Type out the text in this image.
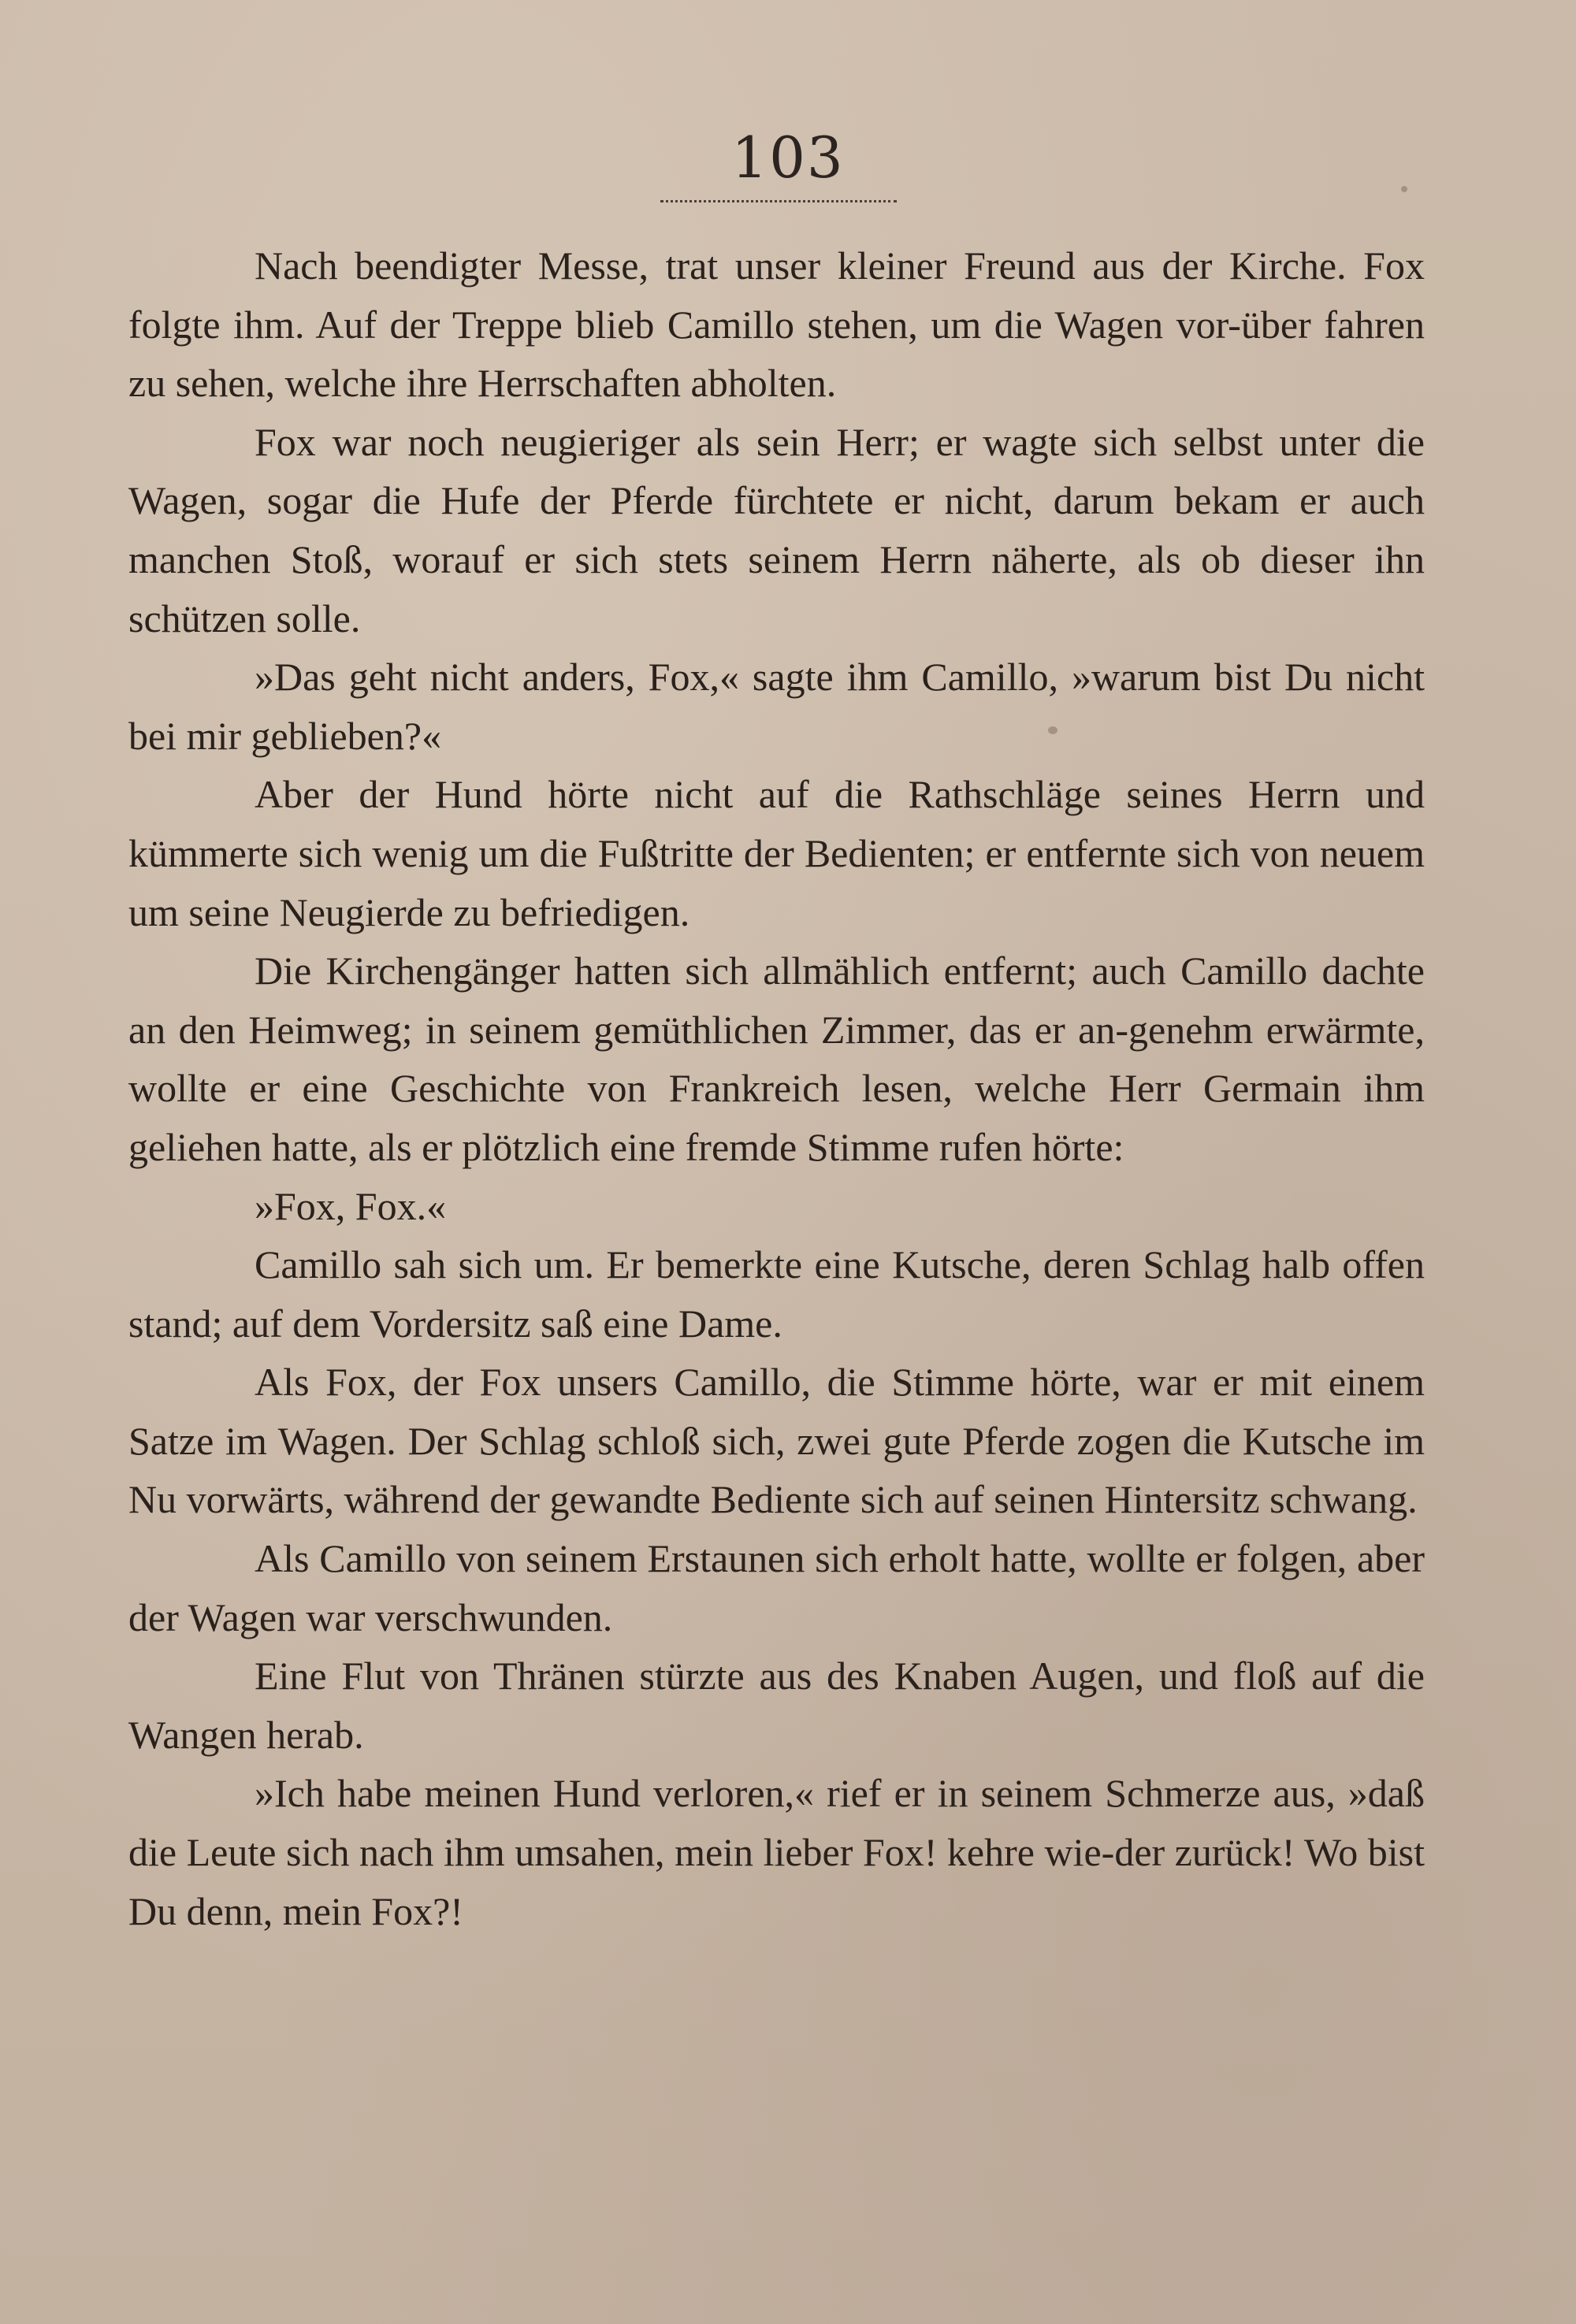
103

Nach beendigter Messe, trat unser kleiner Freund aus der Kirche. Fox folgte ihm. Auf der Treppe blieb Camillo stehen, um die Wagen vor-über fahren zu sehen, welche ihre Herrschaften abholten.

Fox war noch neugieriger als sein Herr; er wagte sich selbst unter die Wagen, sogar die Hufe der Pferde fürchtete er nicht, darum bekam er auch manchen Stoß, worauf er sich stets seinem Herrn näherte, als ob dieser ihn schützen solle.

»Das geht nicht anders, Fox,« sagte ihm Camillo, »warum bist Du nicht bei mir geblieben?«

Aber der Hund hörte nicht auf die Rathschläge seines Herrn und kümmerte sich wenig um die Fußtritte der Bedienten; er entfernte sich von neuem um seine Neugierde zu befriedigen.

Die Kirchengänger hatten sich allmählich entfernt; auch Camillo dachte an den Heimweg; in seinem gemüthlichen Zimmer, das er an-genehm erwärmte, wollte er eine Geschichte von Frankreich lesen, welche Herr Germain ihm geliehen hatte, als er plötzlich eine fremde Stimme rufen hörte:

»Fox, Fox.«

Camillo sah sich um. Er bemerkte eine Kutsche, deren Schlag halb offen stand; auf dem Vordersitz saß eine Dame.

Als Fox, der Fox unsers Camillo, die Stimme hörte, war er mit einem Satze im Wagen. Der Schlag schloß sich, zwei gute Pferde zogen die Kutsche im Nu vorwärts, während der gewandte Bediente sich auf seinen Hintersitz schwang.

Als Camillo von seinem Erstaunen sich erholt hatte, wollte er folgen, aber der Wagen war verschwunden.

Eine Flut von Thränen stürzte aus des Knaben Augen, und floß auf die Wangen herab.

»Ich habe meinen Hund verloren,« rief er in seinem Schmerze aus, »daß die Leute sich nach ihm umsahen, mein lieber Fox! kehre wie-der zurück! Wo bist Du denn, mein Fox?!
